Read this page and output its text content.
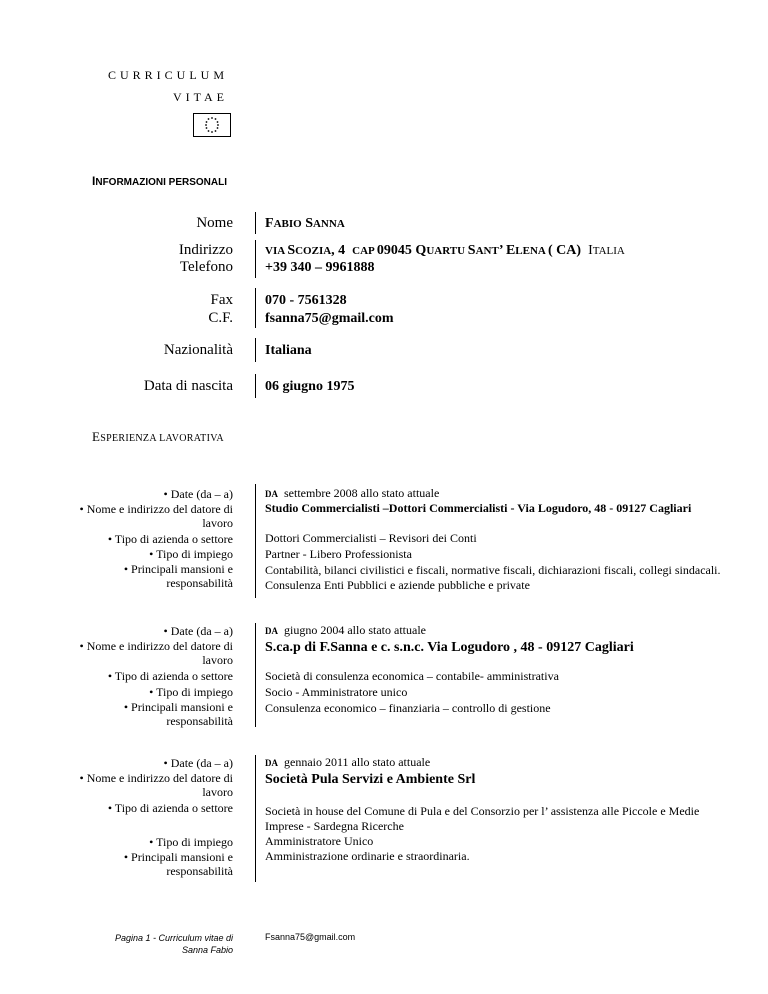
CURRICULUM
VITAE
INFORMAZIONI PERSONALI
Nome FABIO SANNA
Indirizzo
Telefono
VIA SCOZIA, 4 CAP 09045 QUARTU SANT’ ELENA ( CA)  ITALIA
+39 340 – 9961888
Fax
C.F.
070 - 7561328
fsanna75@gmail.com
Nazionalità Italiana
Data di nascita 06 giugno 1975
ESPERIENZA LAVORATIVA
• Date (da – a)
• Nome e indirizzo del datore di
lavoro
• Tipo di azienda o settore
• Tipo di impiego
• Principali mansioni e
responsabilità
DA settembre 2008 allo stato attuale
Studio Commercialisti –Dottori Commercialisti - Via Logudoro, 48 - 09127 Cagliari
Dottori Commercialisti – Revisori dei Conti
Partner - Libero Professionista
Contabilità, bilanci civilistici e fiscali, normative fiscali, dichiarazioni fiscali, collegi sindacali. Consulenza Enti Pubblici e aziende pubbliche e private
• Date (da – a)
• Nome e indirizzo del datore di
lavoro
• Tipo di azienda o settore
• Tipo di impiego
• Principali mansioni e
responsabilità
DA giugno 2004 allo stato attuale
S.ca.p di F.Sanna e c. s.n.c. Via Logudoro , 48 - 09127 Cagliari
Società di consulenza economica – contabile- amministrativa
Socio - Amministratore unico
Consulenza economico – finanziaria – controllo di gestione
• Date (da – a)
• Nome e indirizzo del datore di
lavoro
• Tipo di azienda o settore
• Tipo di impiego
• Principali mansioni e
responsabilità
DA gennaio 2011 allo stato attuale
Società Pula Servizi e Ambiente Srl
Società in house del Comune di Pula e del Consorzio per l’ assistenza alle Piccole e Medie Imprese - Sardegna Ricerche
Amministratore Unico
Amministrazione ordinarie e straordinaria.
Pagina 1 - Curriculum vitae di
Sanna Fabio
Fsanna75@gmail.com
